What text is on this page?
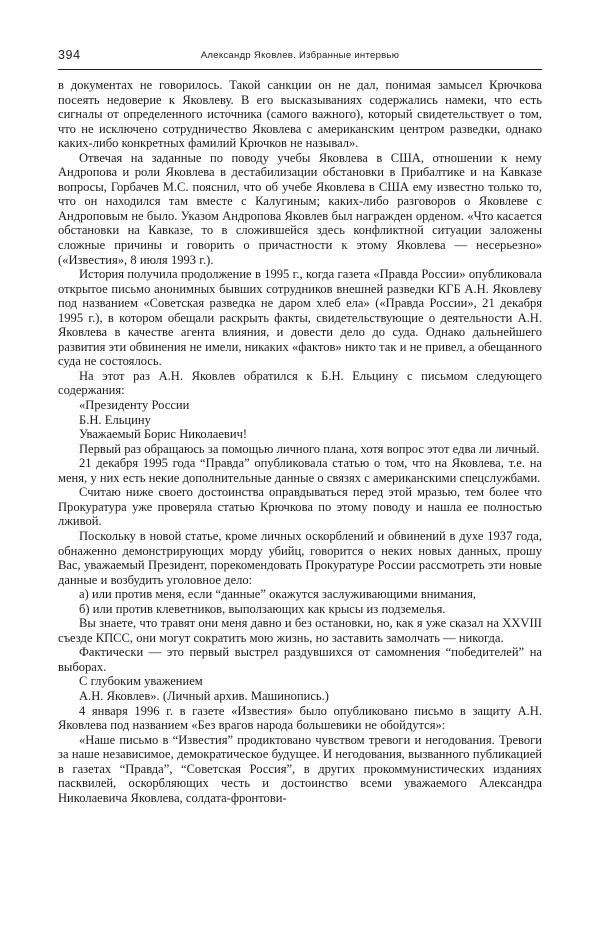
394	Александр Яковлев. Избранные интервью

в документах не говорилось. Такой санкции он не дал, понимая замысел Крючкова посеять недоверие к Яковлеву. В его высказываниях содержались намеки, что есть сигналы от определенного источника (самого важного), который свидетельствует о том, что не исключено сотрудничество Яковлева с американским центром разведки, однако каких-либо конкретных фамилий Крючков не называл».

Отвечая на заданные по поводу учебы Яковлева в США, отношении к нему Андропова и роли Яковлева в дестабилизации обстановки в Прибалтике и на Кавказе вопросы, Горбачев М.С. пояснил, что об учебе Яковлева в США ему известно только то, что он находился там вместе с Калугиным; каких-либо разговоров о Яковлеве с Андроповым не было. Указом Андропова Яковлев был награжден орденом. «Что касается обстановки на Кавказе, то в сложившейся здесь конфликтной ситуации заложены сложные причины и говорить о причастности к этому Яковлева — несерьезно» («Известия», 8 июля 1993 г.).

История получила продолжение в 1995 г., когда газета «Правда России» опубликовала открытое письмо анонимных бывших сотрудников внешней разведки КГБ А.Н. Яковлеву под названием «Советская разведка не даром хлеб ела» («Правда России», 21 декабря 1995 г.), в котором обещали раскрыть факты, свидетельствующие о деятельности А.Н. Яковлева в качестве агента влияния, и довести дело до суда. Однако дальнейшего развития эти обвинения не имели, никаких «фактов» никто так и не привел, а обещанного суда не состоялось.

На этот раз А.Н. Яковлев обратился к Б.Н. Ельцину с письмом следующего содержания:

«Президенту России

Б.Н. Ельцину

Уважаемый Борис Николаевич!

Первый раз обращаюсь за помощью личного плана, хотя вопрос этот едва ли личный.

21 декабря 1995 года “Правда” опубликовала статью о том, что на Яковлева, т.е. на меня, у них есть некие дополнительные данные о связях с американскими спецслужбами.

Считаю ниже своего достоинства оправдываться перед этой мразью, тем более что Прокуратура уже проверяла статью Крючкова по этому поводу и нашла ее полностью лживой.

Поскольку в новой статье, кроме личных оскорблений и обвинений в духе 1937 года, обнаженно демонстрирующих морду убийц, говорится о неких новых данных, прошу Вас, уважаемый Президент, порекомендовать Прокуратуре России рассмотреть эти новые данные и возбудить уголовное дело:

а) или против меня, если “данные” окажутся заслуживающими внимания,

б) или против клеветников, выползающих как крысы из подземелья.

Вы знаете, что травят они меня давно и без остановки, но, как я уже сказал на XXVIII съезде КПСС, они могут сократить мою жизнь, но заставить замолчать — никогда.

Фактически — это первый выстрел раздувшихся от самомнения “победителей” на выборах.

С глубоким уважением

А.Н. Яковлев». (Личный архив. Машинопись.)

4 января 1996 г. в газете «Известия» было опубликовано письмо в защиту А.Н. Яковлева под названием «Без врагов народа большевики не обойдутся»:

«Наше письмо в “Известия” продиктовано чувством тревоги и негодования. Тревоги за наше независимое, демократическое будущее. И негодования, вызванного публикацией в газетах “Правда”, “Советская Россия”, в других прокоммунистических изданиях пасквилей, оскорбляющих честь и достоинство всеми уважаемого Александра Николаевича Яковлева, солдата-фронтови-
